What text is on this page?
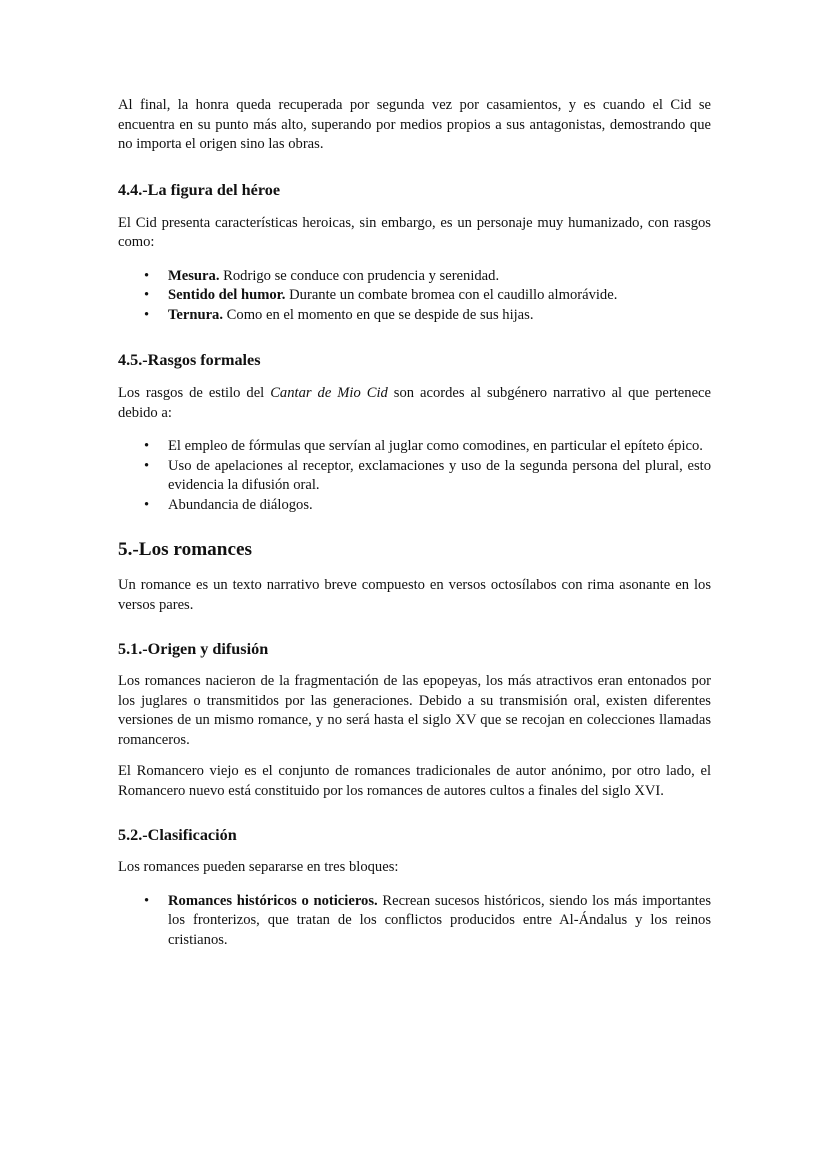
Al final, la honra queda recuperada por segunda vez por casamientos, y es cuando el Cid se encuentra en su punto más alto, superando por medios propios a sus antagonistas, demostrando que no importa el origen sino las obras.

4.4.-La figura del héroe

El Cid presenta características heroicas, sin embargo, es un personaje muy humanizado, con rasgos como:

• Mesura. Rodrigo se conduce con prudencia y serenidad.
• Sentido del humor. Durante un combate bromea con el caudillo almorávide.
• Ternura. Como en el momento en que se despide de sus hijas.
4.5.-Rasgos formales

Los rasgos de estilo del Cantar de Mio Cid son acordes al subgénero narrativo al que pertenece debido a:

• El empleo de fórmulas que servían al juglar como comodines, en particular el epíteto épico.
• Uso de apelaciones al receptor, exclamaciones y uso de la segunda persona del plural, esto evidencia la difusión oral.
• Abundancia de diálogos.
5.-Los romances

Un romance es un texto narrativo breve compuesto en versos octosílabos con rima asonante en los versos pares.

5.1.-Origen y difusión

Los romances nacieron de la fragmentación de las epopeyas, los más atractivos eran entonados por los juglares o transmitidos por las generaciones. Debido a su transmisión oral, existen diferentes versiones de un mismo romance, y no será hasta el siglo XV que se recojan en colecciones llamadas romanceros.

El Romancero viejo es el conjunto de romances tradicionales de autor anónimo, por otro lado, el Romancero nuevo está constituido por los romances de autores cultos a finales del siglo XVI.

5.2.-Clasificación

Los romances pueden separarse en tres bloques:

• Romances históricos o noticieros. Recrean sucesos históricos, siendo los más importantes los fronterizos, que tratan de los conflictos producidos entre Al-Ándalus y los reinos cristianos.
